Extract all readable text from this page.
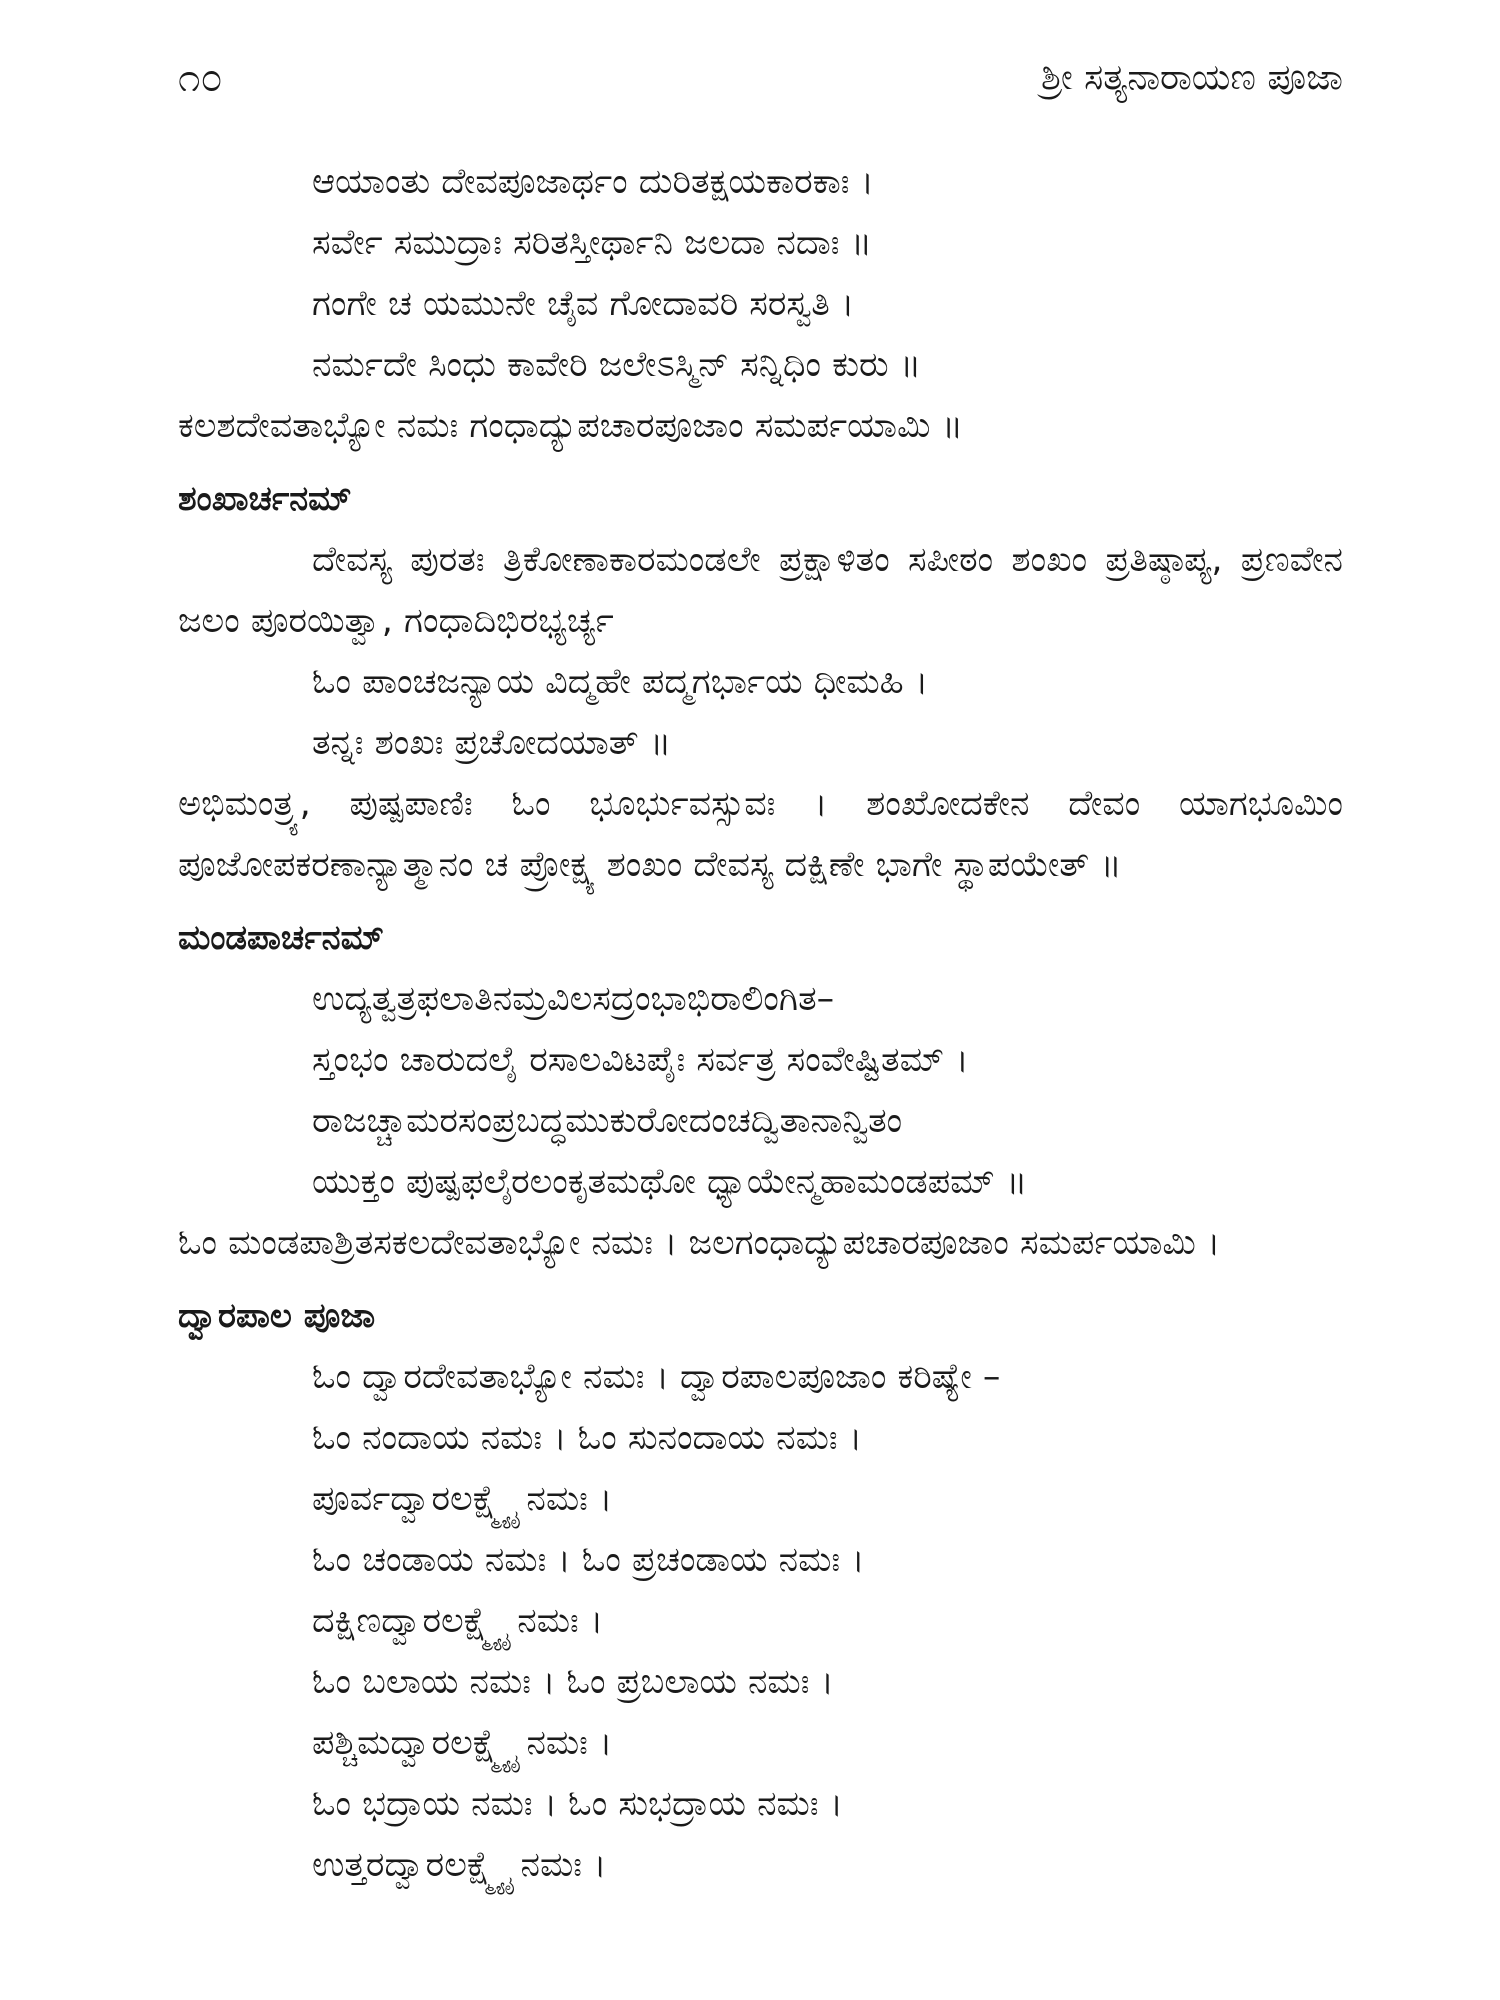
೧೦	ಶ್ರೀ ಸತ್ಯನಾರಾಯಣ ಪೂಜಾ
ಆಯಾಂತು ದೇವಪೂಜಾರ್ಥಂ ದುರಿತಕ್ಷಯಕಾರಕಾಃ ।
ಸರ್ವೇ ಸಮುದ್ರಾಃ ಸರಿತಸ್ತೀರ್ಥಾನಿ ಜಲದಾ ನದಾಃ ॥
ಗಂಗೇ ಚ ಯಮುನೇ ಚೈವ ಗೋದಾವರಿ ಸರಸ್ವತಿ ।
ನರ್ಮದೇ ಸಿಂಧು ಕಾವೇರಿ ಜಲೇಽಸ್ಮಿನ್ ಸನ್ನಿಧಿಂ ಕುರು ॥
ಕಲಶದೇವತಾಭ್ಯೋ ನಮಃ ಗಂಧಾದ್ಯುಪಚಾರಪೂಜಾಂ ಸಮರ್ಪಯಾಮಿ ॥
ಶಂಖಾರ್ಚನಮ್
ದೇವಸ್ಯ ಪುರತಃ ತ್ರಿಕೋಣಾಕಾರಮಂಡಲೇ ಪ್ರಕ್ಷಾಳಿತಂ ಸಪೀಠಂ ಶಂಖಂ ಪ್ರತಿಷ್ಠಾಪ್ಯ, ಪ್ರಣವೇನ ಜಲಂ ಪೂರಯಿತ್ವಾ, ಗಂಧಾದಿಭಿರಭ್ಯರ್ಚ್ಯ
ಓಂ ಪಾಂಚಜನ್ಯಾಯ ವಿದ್ಮಹೇ ಪದ್ಮಗರ್ಭಾಯ ಧೀಮಹಿ ।
ತನ್ನಃ ಶಂಖಃ ಪ್ರಚೋದಯಾತ್ ॥
ಅಭಿಮಂತ್ರ್ಯ, ಪುಷ್ಪಪಾಣಿಃ ಓಂ ಭೂರ್ಭುವಸ್ಸುವಃ । ಶಂಖೋದಕೇನ ದೇವಂ ಯಾಗಭೂಮಿಂ ಪೂಜೋಪಕರಣಾನ್ಯಾತ್ಮಾನಂ ಚ ಪ್ರೋಕ್ಷ್ಯ ಶಂಖಂ ದೇವಸ್ಯ ದಕ್ಷಿಣೇ ಭಾಗೇ ಸ್ಥಾಪಯೇತ್ ॥
ಮಂಡಪಾರ್ಚನಮ್
ಉದ್ಯತ್ವತ್ರಫಲಾತಿನಮ್ರವಿಲಸದ್ರಂಭಾಭಿರಾಲಿಂಗಿತ–
ಸ್ತಂಭಂ ಚಾರುದಲೈ ರಸಾಲವಿಟಪೈಃ ಸರ್ವತ್ರ ಸಂವೇಷ್ಟಿತಮ್ ।
ರಾಜಚ್ಚಾಮರಸಂಪ್ರಬದ್ಧಮುಕುರೋದಂಚದ್ವಿತಾನಾನ್ವಿತಂ
ಯುಕ್ತಂ ಪುಷ್ಪಫಲೈರಲಂಕೃತಮಥೋ ಧ್ಯಾಯೇನ್ಮಹಾಮಂಡಪಮ್ ॥
ಓಂ ಮಂಡಪಾಶ್ರಿತಸಕಲದೇವತಾಭ್ಯೋ ನಮಃ । ಜಲಗಂಧಾದ್ಯುಪಚಾರಪೂಜಾಂ ಸಮರ್ಪಯಾಮಿ ।
ದ್ವಾರಪಾಲ ಪೂಜಾ
ಓಂ ದ್ವಾರದೇವತಾಭ್ಯೋ ನಮಃ । ದ್ವಾರಪಾಲಪೂಜಾಂ ಕರಿಷ್ಯೇ –
ಓಂ ನಂದಾಯ ನಮಃ । ಓಂ ಸುನಂದಾಯ ನಮಃ ।
ಪೂರ್ವದ್ವಾರಲಕ್ಷ್ಮ್ಯೈ ನಮಃ ।
ಓಂ ಚಂಡಾಯ ನಮಃ । ಓಂ ಪ್ರಚಂಡಾಯ ನಮಃ ।
ದಕ್ಷಿಣದ್ವಾರಲಕ್ಷ್ಮ್ಯೈ ನಮಃ ।
ಓಂ ಬಲಾಯ ನಮಃ । ಓಂ ಪ್ರಬಲಾಯ ನಮಃ ।
ಪಶ್ಚಿಮದ್ವಾರಲಕ್ಷ್ಮ್ಯೈ ನಮಃ ।
ಓಂ ಭದ್ರಾಯ ನಮಃ । ಓಂ ಸುಭದ್ರಾಯ ನಮಃ ।
ಉತ್ತರದ್ವಾರಲಕ್ಷ್ಮ್ಯೈ ನಮಃ ।
